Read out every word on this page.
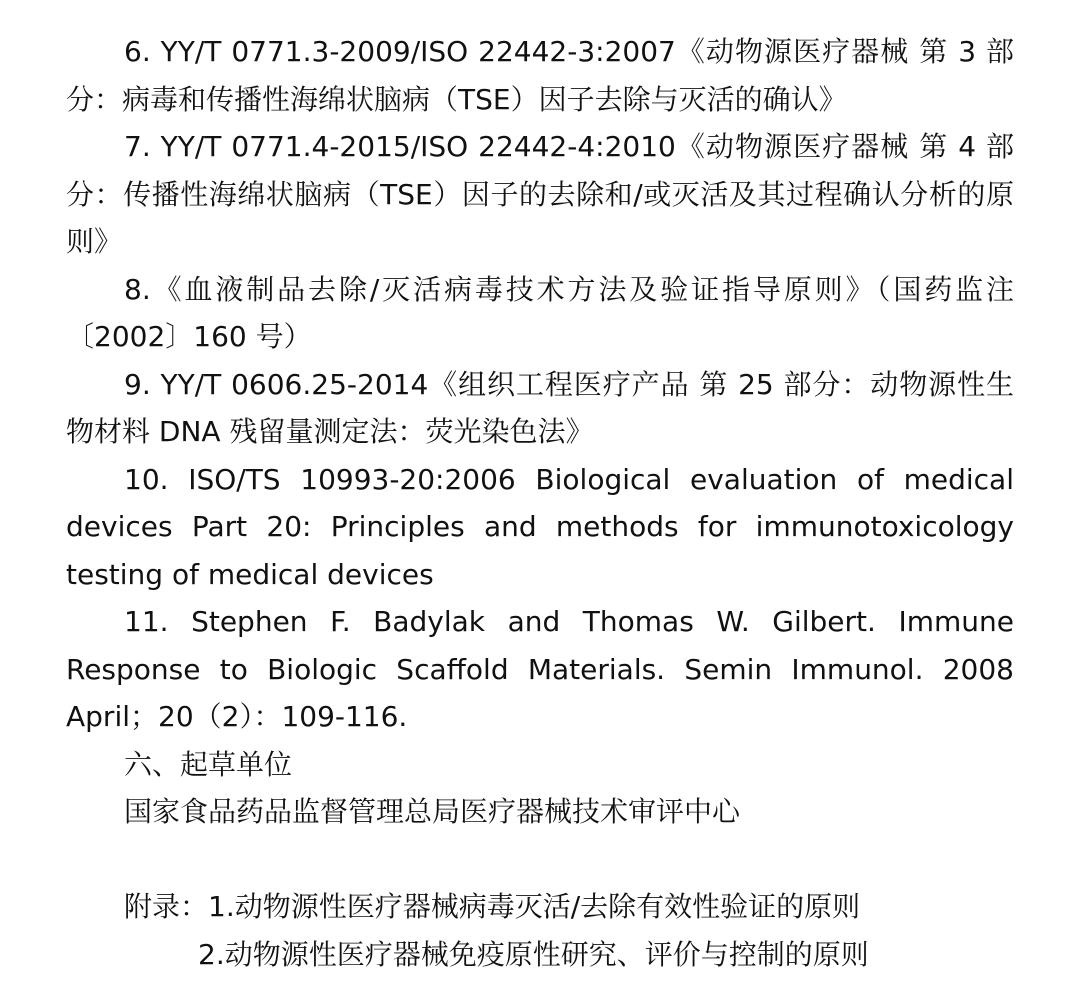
6. YY/T 0771.3-2009/ISO 22442-3:2007《动物源医疗器械 第 3 部分：病毒和传播性海绵状脑病（TSE）因子去除与灭活的确认》

7. YY/T 0771.4-2015/ISO 22442-4:2010《动物源医疗器械 第 4 部分：传播性海绵状脑病（TSE）因子的去除和/或灭活及其过程确认分析的原则》

8.《血液制品去除/灭活病毒技术方法及验证指导原则》（国药监注〔2002〕160 号）

9. YY/T 0606.25-2014《组织工程医疗产品 第 25 部分：动物源性生物材料 DNA 残留量测定法：荧光染色法》

10. ISO/TS 10993-20:2006 Biological evaluation of medical devices Part 20: Principles and methods for immunotoxicology testing of medical devices

11. Stephen F. Badylak and Thomas W. Gilbert. Immune Response to Biologic Scaffold Materials. Semin Immunol. 2008 April；20（2）：109-116.

六、起草单位

国家食品药品监督管理总局医疗器械技术审评中心

附录：1.动物源性医疗器械病毒灭活/去除有效性验证的原则

2.动物源性医疗器械免疫原性研究、评价与控制的原则
